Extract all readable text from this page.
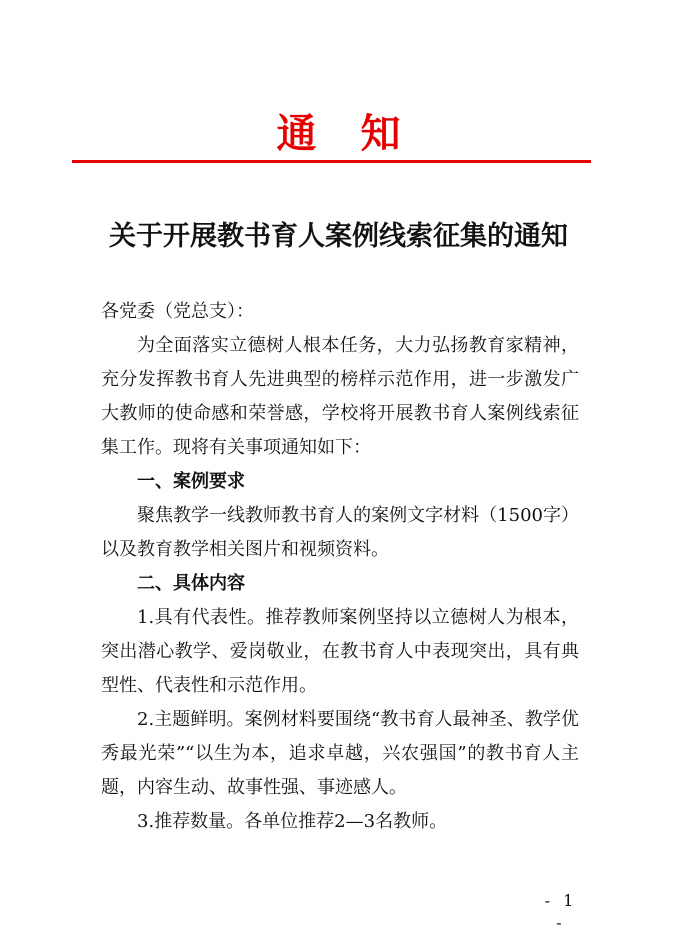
通知
关于开展教书育人案例线索征集的通知

各党委（党总支）：

为全面落实立德树人根本任务，大力弘扬教育家精神，充分发挥教书育人先进典型的榜样示范作用，进一步激发广大教师的使命感和荣誉感，学校将开展教书育人案例线索征集工作。现将有关事项通知如下：

一、案例要求

聚焦教学一线教师教书育人的案例文字材料（1500字）以及教育教学相关图片和视频资料。

二、具体内容

1.具有代表性。推荐教师案例坚持以立德树人为根本，突出潜心教学、爱岗敬业，在教书育人中表现突出，具有典型性、代表性和示范作用。

2.主题鲜明。案例材料要围绕“教书育人最神圣、教学优秀最光荣”“以生为本，追求卓越，兴农强国”的教书育人主题，内容生动、故事性强、事迹感人。

3.推荐数量。各单位推荐2—3名教师。

- 1 -
